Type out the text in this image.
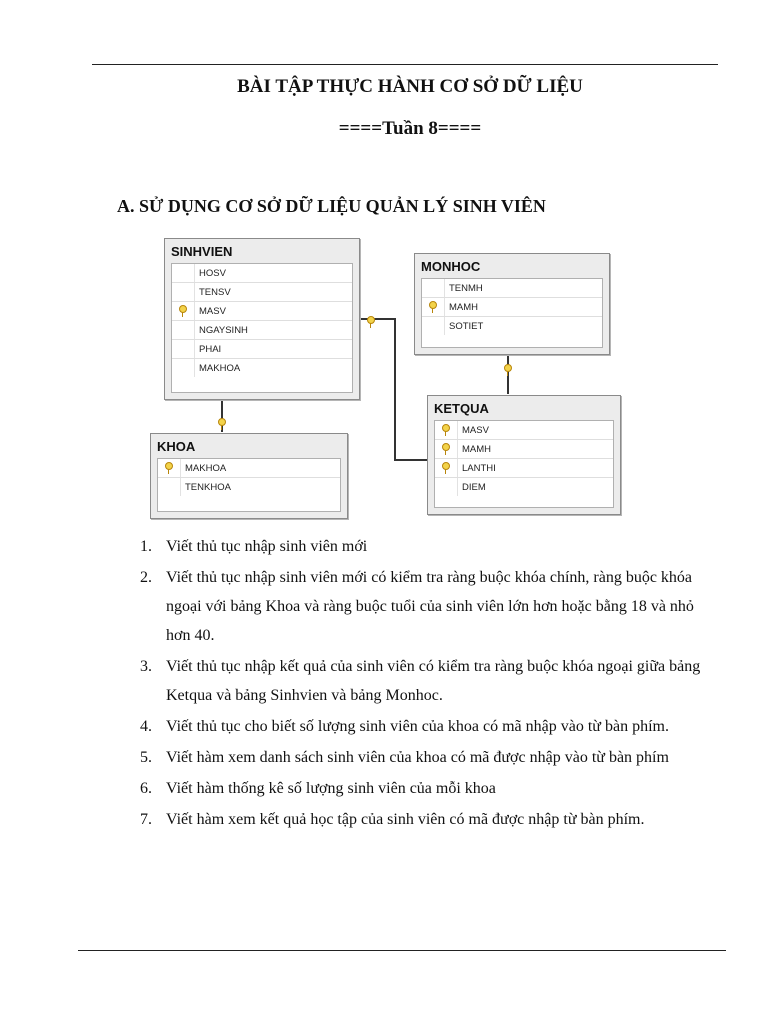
BÀI TẬP THỰC HÀNH CƠ SỞ DỮ LIỆU
====Tuần 8====
A. SỬ DỤNG CƠ SỞ DỮ LIỆU QUẢN LÝ SINH VIÊN
SINHVIEN
HOSV
TENSV
MASV
NGAYSINH
PHAI
MAKHOA
MONHOC
TENMH
MAMH
SOTIET
KHOA
MAKHOA
TENKHOA
KETQUA
MASV
MAMH
LANTHI
DIEM
1. Viết thủ tục nhập sinh viên mới
2. Viết thủ tục nhập sinh viên mới có kiểm tra ràng buộc khóa chính, ràng buộc khóa ngoại với bảng Khoa và ràng buộc tuổi của sinh viên lớn hơn hoặc bằng 18 và nhỏ hơn 40.
3. Viết thủ tục nhập kết quả của sinh viên có kiểm tra ràng buộc khóa ngoại giữa bảng Ketqua và bảng Sinhvien và bảng Monhoc.
4. Viết thủ tục cho biết số lượng sinh viên của khoa có mã nhập vào từ bàn phím.
5. Viết hàm xem danh sách sinh viên của khoa có mã được nhập vào từ bàn phím
6. Viết hàm thống kê số lượng sinh viên của mỗi khoa
7. Viết hàm xem kết quả học tập của sinh viên có mã được nhập từ bàn phím.
